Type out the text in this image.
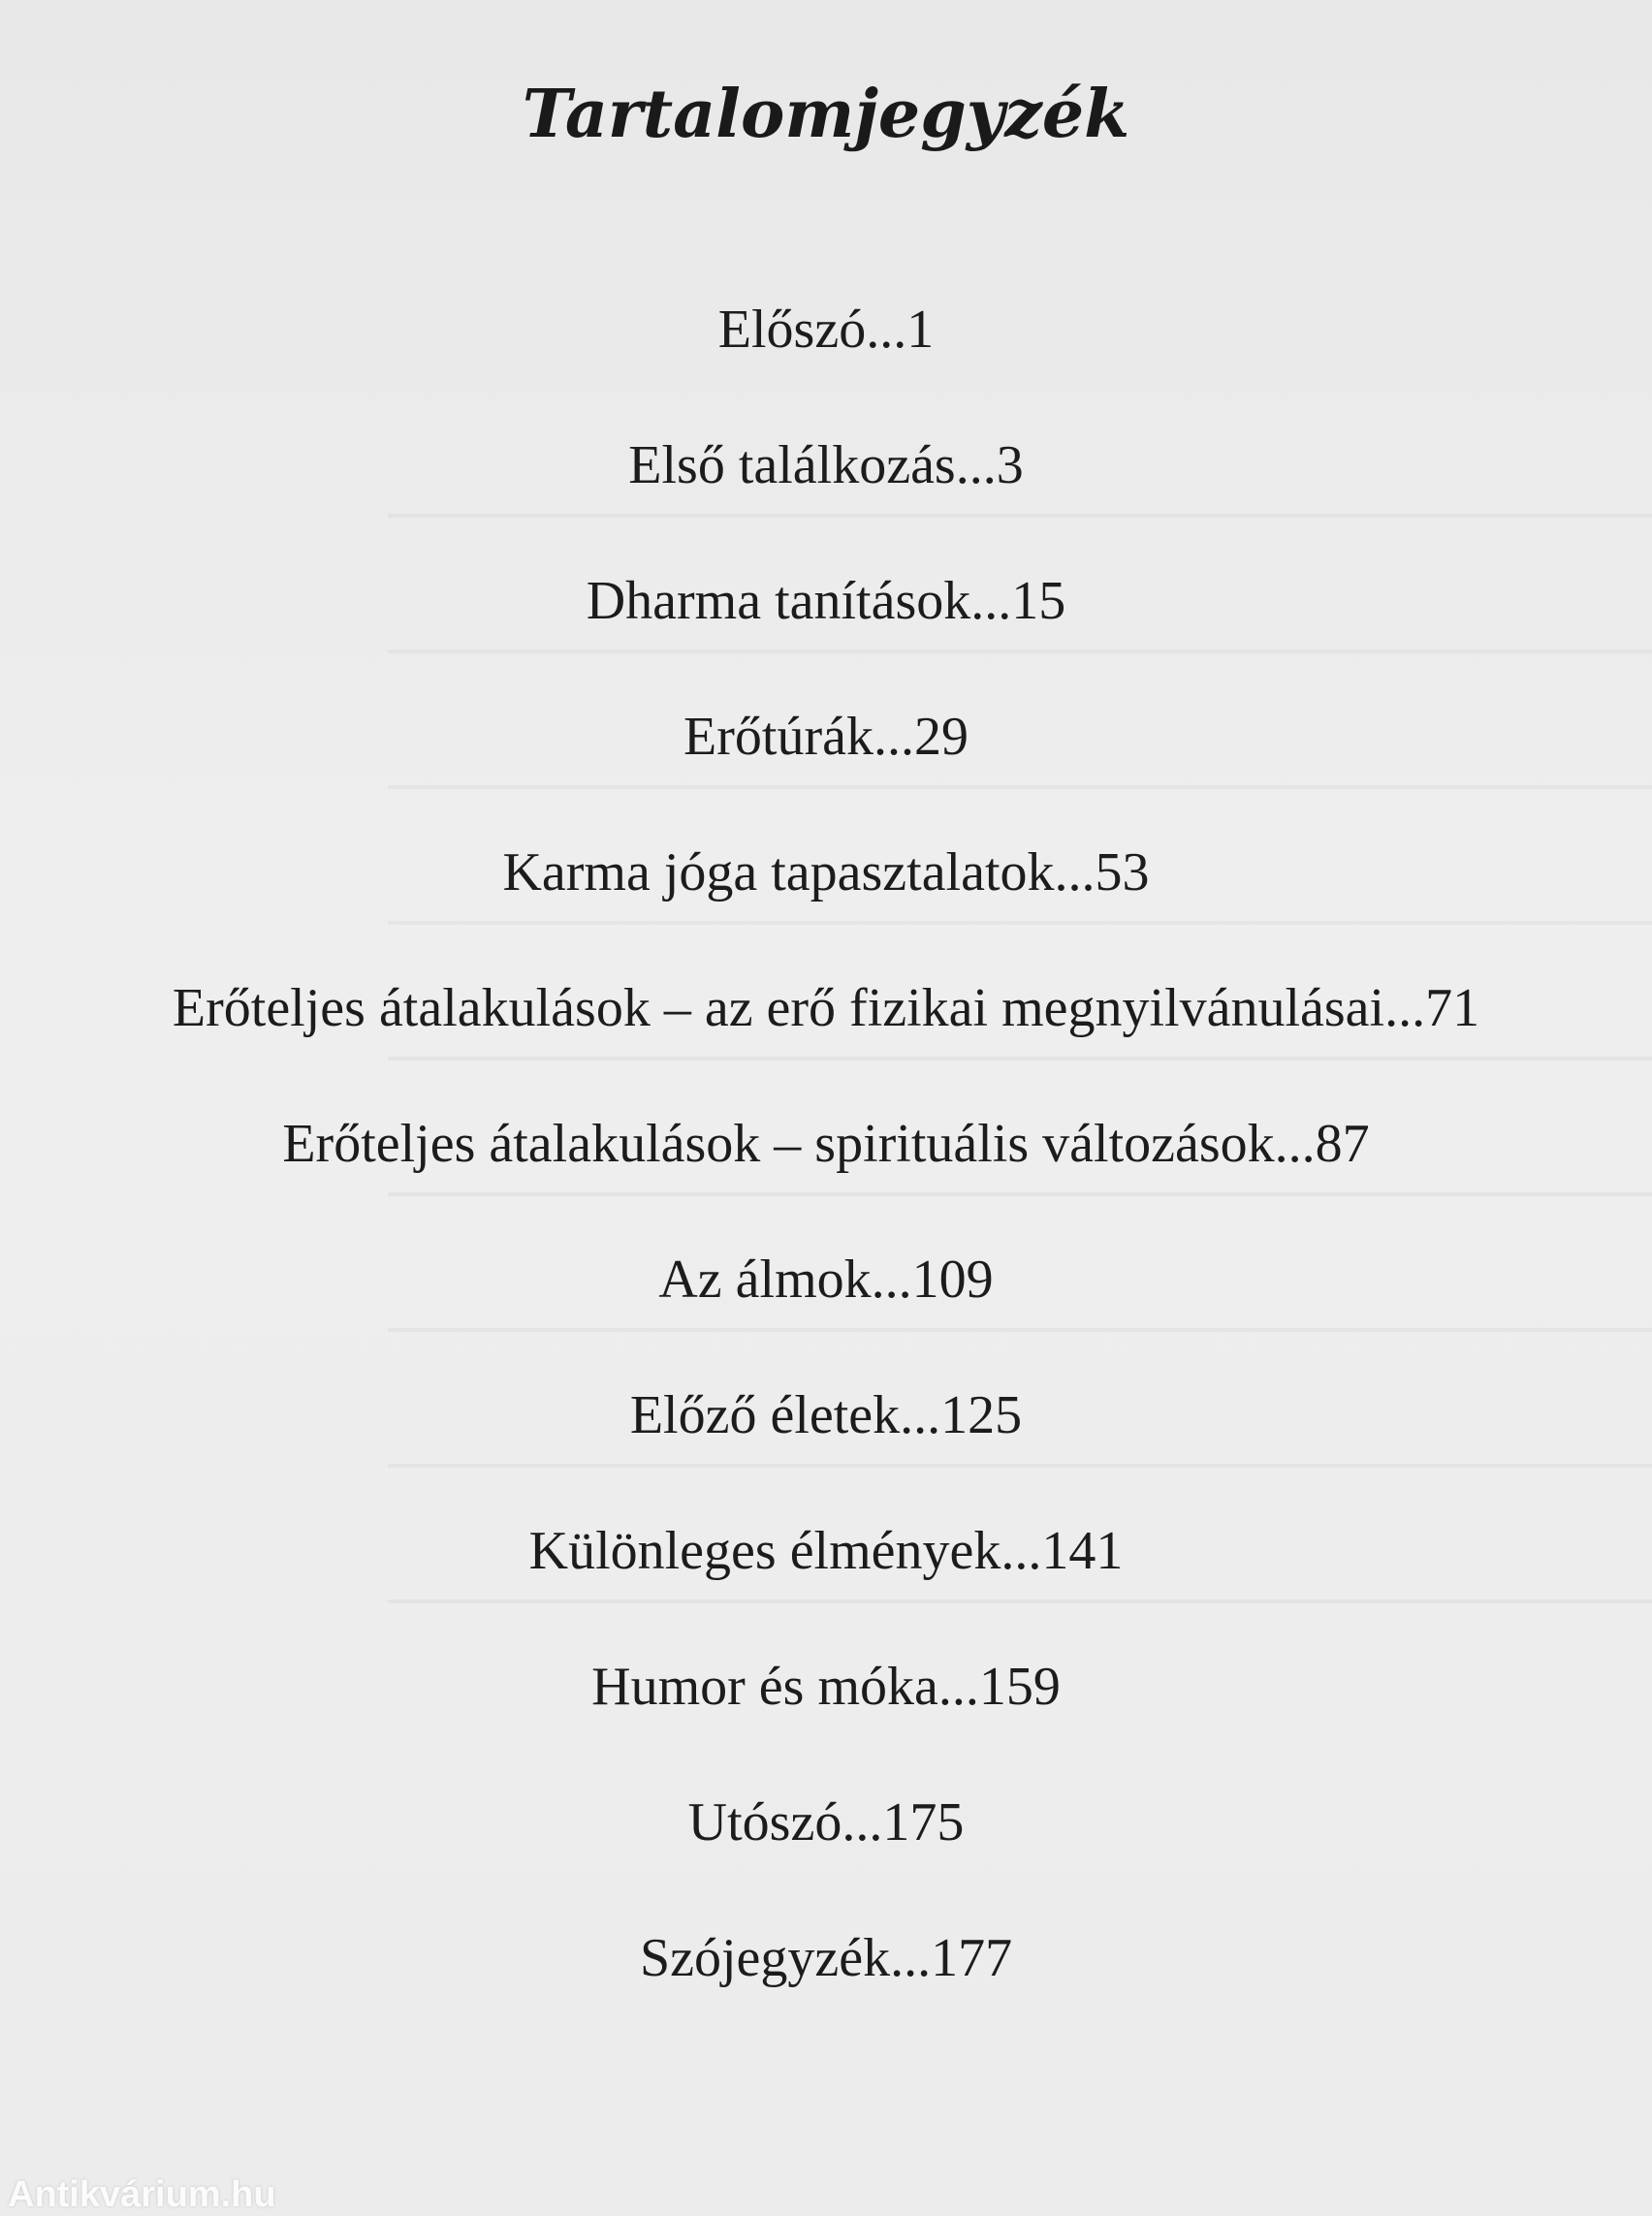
Tartalomjegyzék
Előszó...1
Első találkozás...3
Dharma tanítások...15
Erőtúrák...29
Karma jóga tapasztalatok...53
Erőteljes átalakulások – az erő fizikai megnyilvánulásai...71
Erőteljes átalakulások – spirituális változások...87
Az álmok...109
Előző életek...125
Különleges élmények...141
Humor és móka...159
Utószó...175
Szójegyzék...177
Antikvárium.hu
